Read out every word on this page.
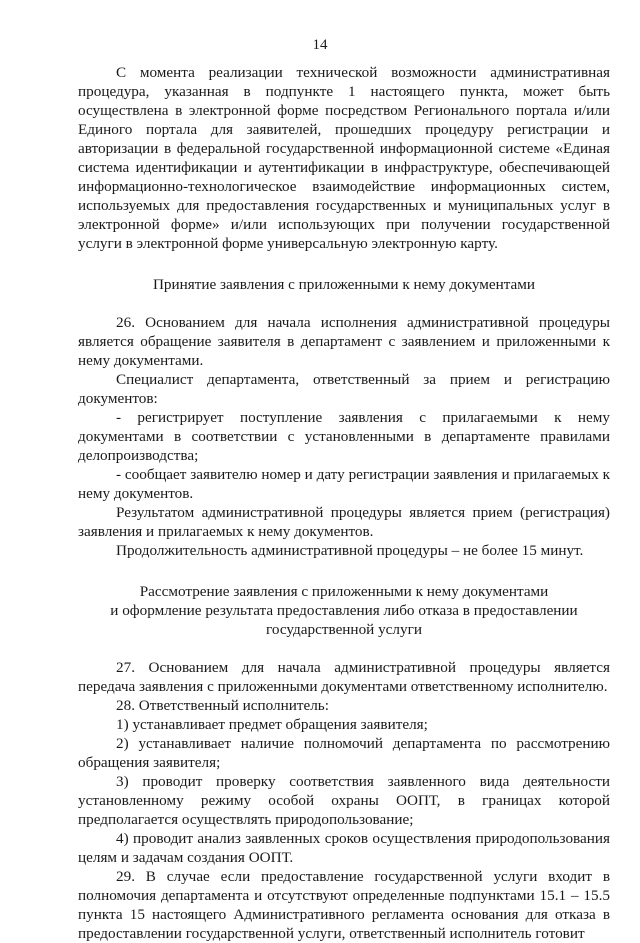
14

С момента реализации технической возможности административная процедура, указанная в подпункте 1 настоящего пункта, может быть осуществлена в электронной форме посредством Регионального портала и/или Единого портала для заявителей, прошедших процедуру регистрации и авторизации в федеральной государственной информационной системе «Единая система идентификации и аутентификации в инфраструктуре, обеспечивающей информационно-технологическое взаимодействие информационных систем, используемых для предоставления государственных и муниципальных услуг в электронной форме» и/или использующих при получении государственной услуги в электронной форме универсальную электронную карту.

Принятие заявления с приложенными к нему документами

26. Основанием для начала исполнения административной процедуры является обращение заявителя в департамент с заявлением и приложенными к нему документами.

Специалист департамента, ответственный за прием и регистрацию документов:

- регистрирует поступление заявления с прилагаемыми к нему документами в соответствии с установленными в департаменте правилами делопроизводства;

- сообщает заявителю номер и дату регистрации заявления и прилагаемых к нему документов.

Результатом административной процедуры является прием (регистрация) заявления и прилагаемых к нему документов.

Продолжительность административной процедуры – не более 15 минут.

Рассмотрение заявления с приложенными к нему документами
и оформление результата предоставления либо отказа в предоставлении
государственной услуги

27. Основанием для начала административной процедуры является передача заявления с приложенными документами ответственному исполнителю.

28. Ответственный исполнитель:

1) устанавливает предмет обращения заявителя;

2) устанавливает наличие полномочий департамента по рассмотрению обращения заявителя;

3) проводит проверку соответствия заявленного вида деятельности установленному режиму особой охраны ООПТ, в границах которой предполагается осуществлять природопользование;

4) проводит анализ заявленных сроков осуществления природопользования целям и задачам создания ООПТ.

29. В случае если предоставление государственной услуги входит в полномочия департамента и отсутствуют определенные подпунктами 15.1 – 15.5 пункта 15 настоящего Административного регламента основания для отказа в предоставлении государственной услуги, ответственный исполнитель готовит
